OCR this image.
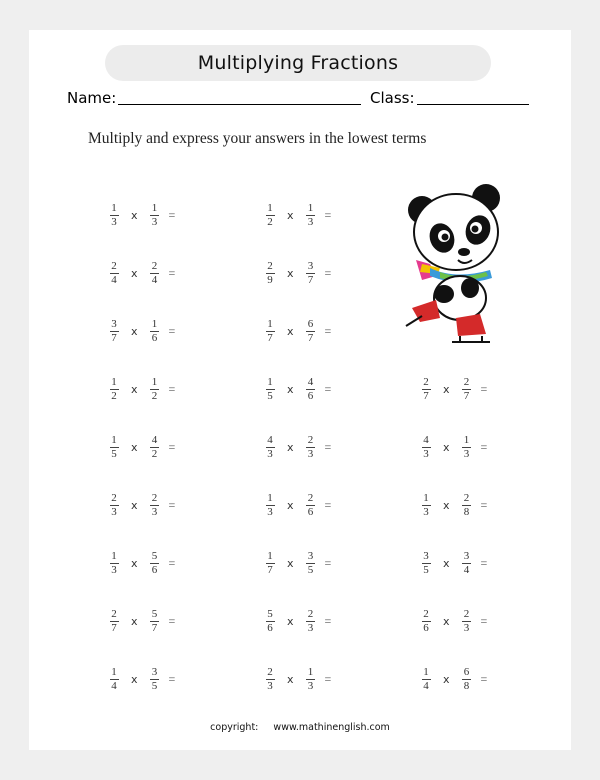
Multiplying Fractions
Name:	Class:
Multiply and express your answers in the lowest terms
$\frac{1}{3}$ x $\frac{1}{3}$ =	$\frac{1}{2}$ x $\frac{1}{3}$ =
$\frac{2}{4}$ x $\frac{2}{4}$ =	$\frac{2}{9}$ x $\frac{3}{7}$ =
$\frac{3}{7}$ x $\frac{1}{6}$ =	$\frac{1}{7}$ x $\frac{6}{7}$ =
$\frac{1}{2}$ x $\frac{1}{2}$ =	$\frac{1}{5}$ x $\frac{4}{6}$ =	$\frac{2}{7}$ x $\frac{2}{7}$ =
$\frac{1}{5}$ x $\frac{4}{2}$ =	$\frac{4}{3}$ x $\frac{2}{3}$ =	$\frac{4}{3}$ x $\frac{1}{3}$ =
$\frac{2}{3}$ x $\frac{2}{3}$ =	$\frac{1}{3}$ x $\frac{2}{6}$ =	$\frac{1}{3}$ x $\frac{2}{8}$ =
$\frac{1}{3}$ x $\frac{5}{6}$ =	$\frac{1}{7}$ x $\frac{3}{5}$ =	$\frac{3}{5}$ x $\frac{3}{4}$ =
$\frac{2}{7}$ x $\frac{5}{7}$ =	$\frac{5}{6}$ x $\frac{2}{3}$ =	$\frac{2}{6}$ x $\frac{2}{3}$ =
$\frac{1}{4}$ x $\frac{3}{5}$ =	$\frac{2}{3}$ x $\frac{1}{3}$ =	$\frac{1}{4}$ x $\frac{6}{8}$ =
copyright: www.mathinenglish.com
